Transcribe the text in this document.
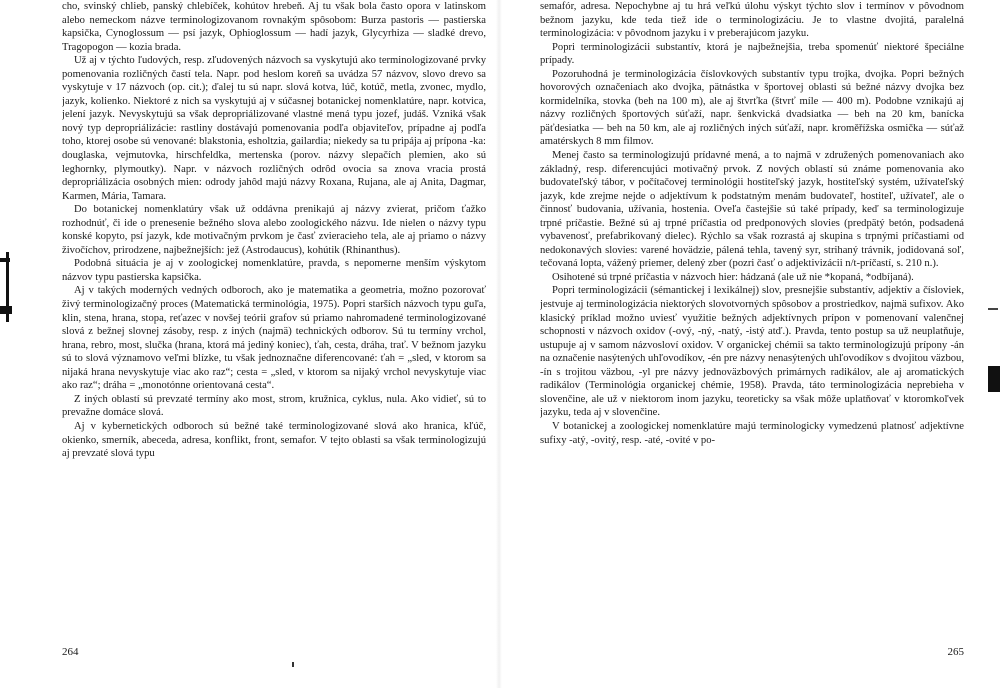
cho, svinský chlieb, panský chlebíček, kohútov hrebeň. Aj tu však bola často opora v latinskom alebo nemeckom názve terminologizovanom rovnakým spôsobom: Burza pastoris — pastierska kapsička, Cynoglossum — psí jazyk, Ophioglossum — hadí jazyk, Glycyrhiza — sladké drevo, Tragopogon — kozia brada.

Už aj v týchto ľudových, resp. zľudovených názvoch sa vyskytujú ako terminologizované prvky pomenovania rozličných častí tela. Napr. pod heslom koreň sa uvádza 57 názvov, slovo drevo sa vyskytuje v 17 názvoch (op. cit.); ďalej tu sú napr. slová kotva, lúč, kotúč, metla, zvonec, mydlo, jazyk, kolienko. Niektoré z nich sa vyskytujú aj v súčasnej botanickej nomenklatúre, napr. kotvica, jelení jazyk. Nevyskytujú sa však depropriálizované vlastné mená typu jozef, judáš. Vzniká však nový typ depropriálizácie: rastliny dostávajú pomenovania podľa objaviteľov, prípadne aj podľa toho, ktorej osobe sú venované: blakstonia, esholtzia, gailardia; niekedy sa tu pripája aj prípona -ka: douglaska, vejmutovka, hirschfeldka, mertenska (porov. názvy slepačích plemien, ako sú leghornky, plymoutky). Napr. v názvoch rozličných odrôd ovocia sa znova vracia prostá depropriálizácia osobných mien: odrody jahôd majú názvy Roxana, Rujana, ale aj Anita, Dagmar, Karmen, Mária, Tamara.

Do botanickej nomenklatúry však už oddávna prenikajú aj názvy zvierat, pričom ťažko rozhodnúť, či ide o prenesenie bežného slova alebo zoologického názvu. Ide nielen o názvy typu konské kopyto, psí jazyk, kde motivačným prvkom je časť zvieracieho tela, ale aj priamo o názvy živočíchov, prirodzene, najbežnejších: jež (Astrodaucus), kohútik (Rhinanthus).

Podobná situácia je aj v zoologickej nomenklatúre, pravda, s nepomerne menším výskytom názvov typu pastierska kapsička.

Aj v takých moderných vedných odboroch, ako je matematika a geometria, možno pozorovať živý terminologizačný proces (Matematická terminológia, 1975). Popri starších názvoch typu guľa, klin, stena, hrana, stopa, reťazec v novšej teórii grafov sú priamo nahromadené terminologizované slová z bežnej slovnej zásoby, resp. z iných (najmä) technických odborov. Sú tu termíny vrchol, hrana, rebro, most, slučka (hrana, ktorá má jediný koniec), ťah, cesta, dráha, trať. V bežnom jazyku sú to slová významovo veľmi blízke, tu však jednoznačne diferencované: ťah = „sled, v ktorom sa nijaká hrana nevyskytuje viac ako raz“; cesta = „sled, v ktorom sa nijaký vrchol nevyskytuje viac ako raz“; dráha = „monotónne orientovaná cesta“.

Z iných oblastí sú prevzaté termíny ako most, strom, kružnica, cyklus, nula. Ako vidieť, sú to prevažne domáce slová.

Aj v kybernetických odboroch sú bežné také terminologizované slová ako hranica, kľúč, okienko, smerník, abeceda, adresa, konflikt, front, semafor. V tejto oblasti sa však terminologizujú aj prevzaté slová typu

264

semafór, adresa. Nepochybne aj tu hrá veľkú úlohu výskyt týchto slov i termínov v pôvodnom bežnom jazyku, kde teda tiež ide o terminologizáciu. Je to vlastne dvojitá, paralelná terminologizácia: v pôvodnom jazyku i v preberajúcom jazyku.

Popri terminologizácii substantív, ktorá je najbežnejšia, treba spomenúť niektoré špeciálne prípady.

Pozoruhodná je terminologizácia číslovkových substantív typu trojka, dvojka. Popri bežných hovorových označeniach ako dvojka, pätnástka v športovej oblasti sú bežné názvy dvojka bez kormidelníka, stovka (beh na 100 m), ale aj štvrťka (štvrť míle — 400 m). Podobne vznikajú aj názvy rozličných športových súťaží, napr. šenkvická dvadsiatka — beh na 20 km, banícka päťdesiatka — beh na 50 km, ale aj rozličných iných súťaží, napr. kroměřížska osmička — súťaž amatérskych 8 mm filmov.

Menej často sa terminologizujú prídavné mená, a to najmä v združených pomenovaniach ako základný, resp. diferencujúci motivačný prvok. Z nových oblastí sú známe pomenovania ako budovateľský tábor, v počítačovej terminológii hostiteľský jazyk, hostiteľský systém, užívateľský jazyk, kde zrejme nejde o adjektívum k podstatným menám budovateľ, hostiteľ, užívateľ, ale o činnosť budovania, užívania, hostenia. Oveľa častejšie sú také prípady, keď sa terminologizuje trpné príčastie. Bežné sú aj trpné príčastia od predponových slovies (predpätý betón, podsadená vybavenosť, prefabrikovaný dielec). Rýchlo sa však rozrastá aj skupina s trpnými príčastiami od nedokonavých slovies: varené hovädzie, pálená tehla, tavený syr, strihaný trávnik, jodidovaná soľ, tečovaná lopta, vážený priemer, delený zber (pozri časť o adjektivizácii n/t-príčastí, s. 210 n.).

Osihotené sú trpné príčastia v názvoch hier: hádzaná (ale už nie *kopaná, *odbíjaná).

Popri terminologizácii (sémantickej i lexikálnej) slov, presnejšie substantív, adjektív a čísloviek, jestvuje aj terminologizácia niektorých slovotvorných spôsobov a prostriedkov, najmä sufixov. Ako klasický príklad možno uviesť využitie bežných adjektívnych prípon v pomenovaní valenčnej schopnosti v názvoch oxidov (-ový, -ný, -natý, -istý atď.). Pravda, tento postup sa už neuplatňuje, ustupuje aj v samom názvosloví oxidov. V organickej chémii sa takto terminologizujú prípony -án na označenie nasýtených uhľovodíkov, -én pre názvy nenasýtených uhľovodíkov s dvojitou väzbou, -ín s trojitou väzbou, -yl pre názvy jednoväzbových primárnych radikálov, ale aj aromatických radikálov (Terminológia organickej chémie, 1958). Pravda, táto terminologizácia neprebieha v slovenčine, ale už v niektorom inom jazyku, teoreticky sa však môže uplatňovať v ktoromkoľvek jazyku, teda aj v slovenčine.

V botanickej a zoologickej nomenklatúre majú terminologicky vymedzenú platnosť adjektívne sufixy -atý, -ovitý, resp. -até, -ovité v po-

265
